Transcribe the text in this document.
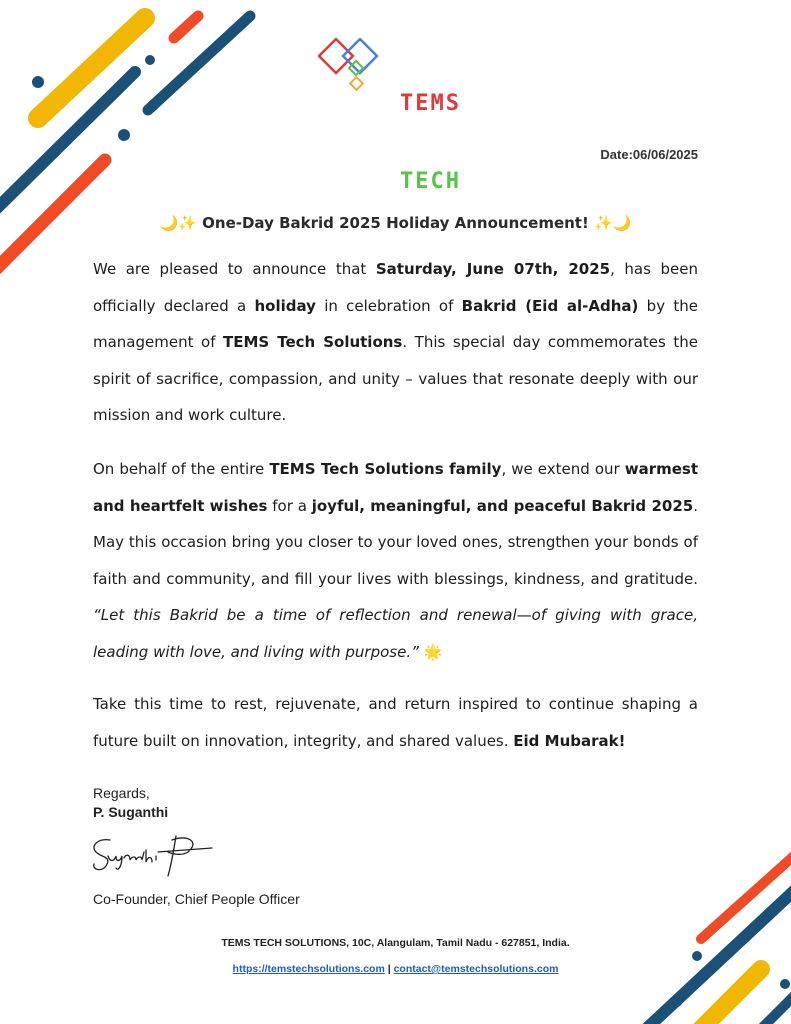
TEMS

TECH

Date:06/06/2025
🌙✨ One-Day Bakrid 2025 Holiday Announcement! ✨🌙
We are pleased to announce that Saturday, June 07th, 2025, has been officially declared a holiday in celebration of Bakrid (Eid al-Adha) by the management of TEMS Tech Solutions. This special day commemorates the spirit of sacrifice, compassion, and unity – values that resonate deeply with our mission and work culture.
On behalf of the entire TEMS Tech Solutions family, we extend our warmest and heartfelt wishes for a joyful, meaningful, and peaceful Bakrid 2025. May this occasion bring you closer to your loved ones, strengthen your bonds of faith and community, and fill your lives with blessings, kindness, and gratitude. “Let this Bakrid be a time of reflection and renewal—of giving with grace, leading with love, and living with purpose.” 🌟
Take this time to rest, rejuvenate, and return inspired to continue shaping a future built on innovation, integrity, and shared values. Eid Mubarak!
Regards,
P. Suganthi
Co-Founder, Chief People Officer
TEMS TECH SOLUTIONS, 10C, Alangulam, Tamil Nadu - 627851, India.
https://temstechsolutions.com | contact@temstechsolutions.com
